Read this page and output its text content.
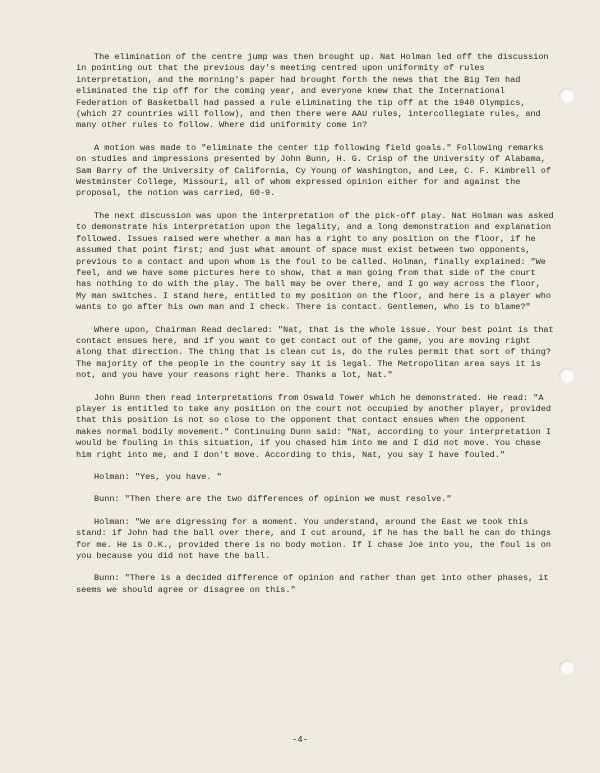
The elimination of the centre jump was then brought up. Nat Holman led off the discussion in pointing out that the previous day's meeting centred upon uniformity of rules interpretation, and the morning's paper had brought forth the news that the Big Ten had eliminated the tip off for the coming year, and everyone knew that the International Federation of Basketball had passed a rule eliminating the tip off at the 1940 Olympics, (which 27 countries will follow), and then there were AAU rules, intercollegiate rules, and many other rules to follow. Where did uniformity come in?

A motion was made to "eliminate the center tip following field goals." Following remarks on studies and impressions presented by John Bunn, H. G. Crisp of the University of Alabama, Sam Barry of the University of California, Cy Young of Washington, and Lee, C. F. Kimbrell of Westminster College, Missouri, all of whom expressed opinion either for and against the proposal, the notion was carried, 60-9.

The next discussion was upon the interpretation of the pick-off play. Nat Holman was asked to demonstrate his interpretation upon the legality, and a long demonstration and explanation followed. Issues raised were whether a man has a right to any position on the floor, if he assumed that point first; and just what amount of space must exist between two opponents, previous to a contact and upon whom is the foul to be called. Holman, finally explained: "We feel, and we have some pictures here to show, that a man going from that side of the court has nothing to do with the play. The ball may be over there, and I go way across the floor, My man switches. I stand here, entitled to my position on the floor, and here is a player who wants to go after his own man and I check. There is contact. Gentlemen, who is to blame?"

Where upon, Chairman Read declared: "Nat, that is the whole issue. Your best point is that contact ensues here, and if you want to get contact out of the game, you are moving right along that direction. The thing that is clean cut is, do the rules permit that sort of thing? The majority of the people in the country say it is legal. The Metropolitan area says it is not, and you have your reasons right here. Thanks a lot, Nat."

John Bunn then read interpretations from Oswald Tower which he demonstrated. He read: "A player is entitled to take any position on the court not occupied by another player, provided that this position is not so close to the opponent that contact ensues when the opponent makes normal bodily movement." Continuing Dunn said: "Nat, according to your interpretation I would be fouling in this situation, if you chased him into me and I did not move. You chase him right into me, and I don't move. According to this, Nat, you say I have fouled."

Holman: "Yes, you have. "

Bunn: "Then there are the two differences of opinion we must resolve."

Holman: "We are digressing for a moment. You understand, around the East we took this stand: if John had the ball over there, and I cut around, if he has the ball he can do things for me. He is O.K., provided there is no body motion. If I chase Joe into you, the foul is on you because you did not have the ball.

Bunn: "There is a decided difference of opinion and rather than get into other phases, it seems we should agree or disagree on this."

-4-
